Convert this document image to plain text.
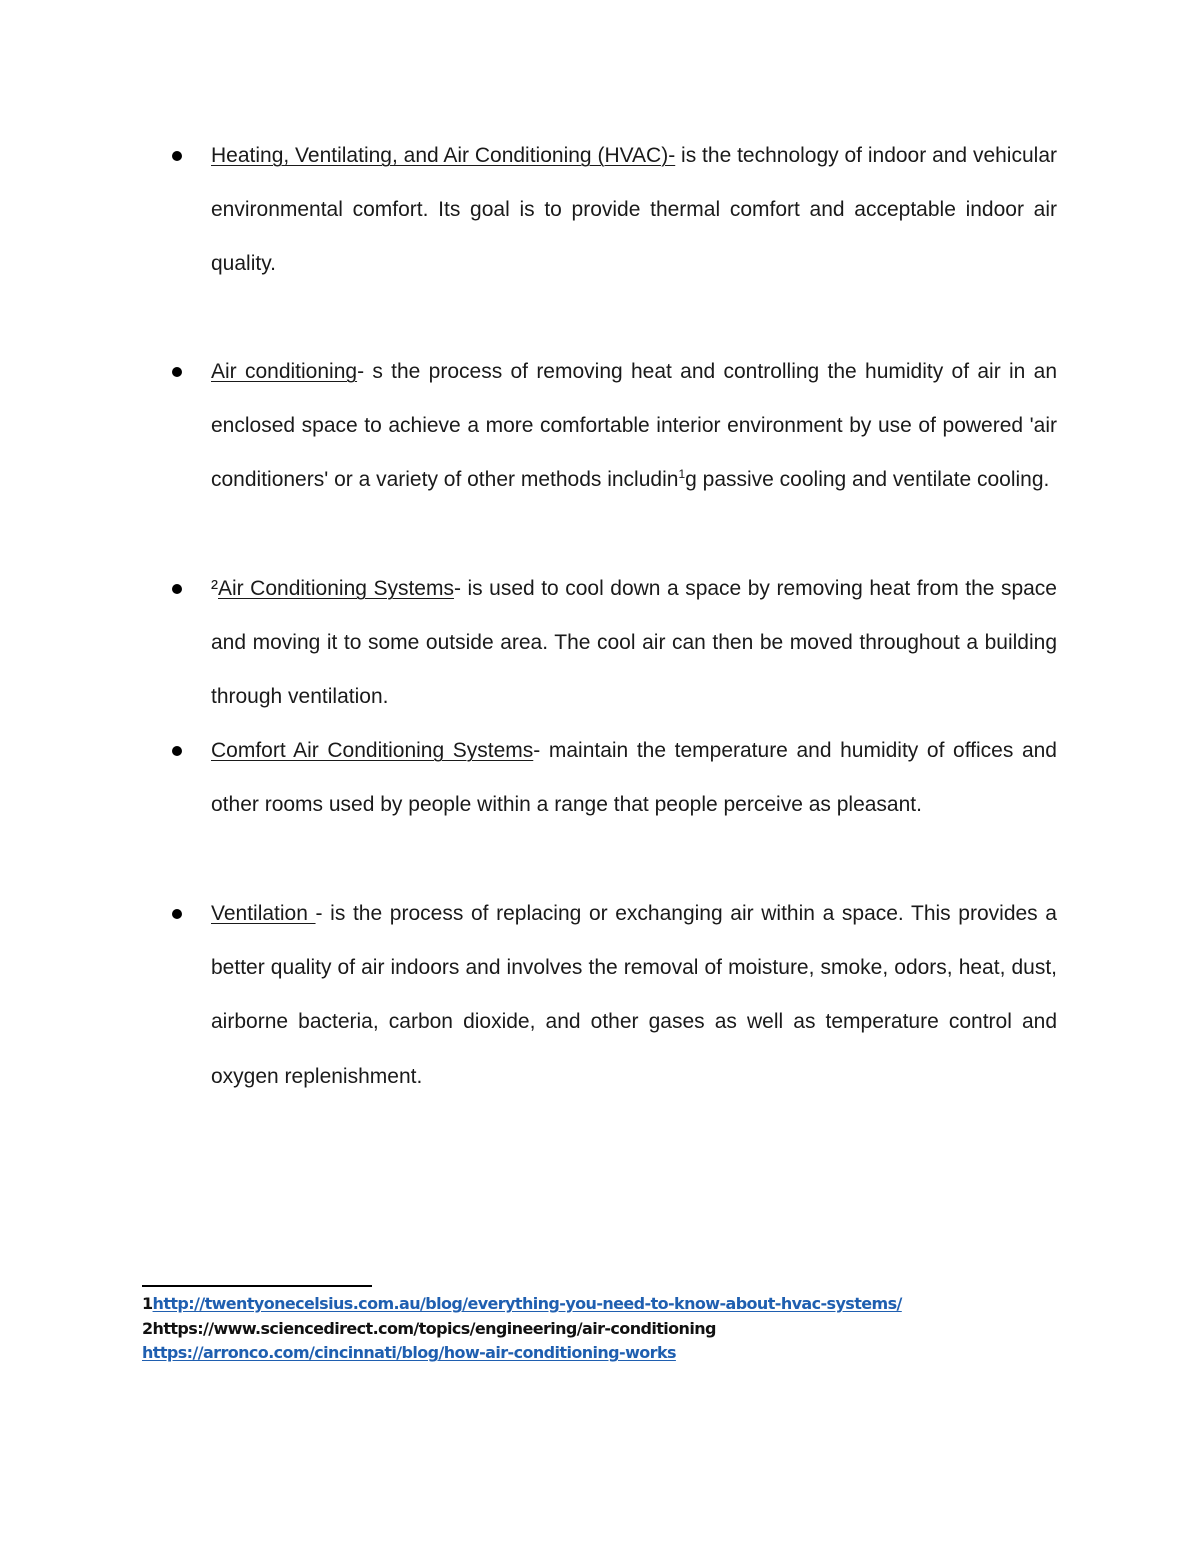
Heating, Ventilating, and Air Conditioning (HVAC)- is the technology of indoor and vehicular environmental comfort. Its goal is to provide thermal comfort and acceptable indoor air quality.
Air conditioning- s the process of removing heat and controlling the humidity of air in an enclosed space to achieve a more comfortable interior environment by use of powered 'air conditioners' or a variety of other methods includin$^1$g passive cooling and ventilate cooling.
²Air Conditioning Systems- is used to cool down a space by removing heat from the space and moving it to some outside area. The cool air can then be moved throughout a building through ventilation.
Comfort Air Conditioning Systems- maintain the temperature and humidity of offices and other rooms used by people within a range that people perceive as pleasant.
Ventilation - is the process of replacing or exchanging air within a space. This provides a better quality of air indoors and involves the removal of moisture, smoke, odors, heat, dust, airborne bacteria, carbon dioxide, and other gases as well as temperature control and oxygen replenishment.
1http://twentyonecelsius.com.au/blog/everything-you-need-to-know-about-hvac-systems/
2https://www.sciencedirect.com/topics/engineering/air-conditioning
https://arronco.com/cincinnati/blog/how-air-conditioning-works
